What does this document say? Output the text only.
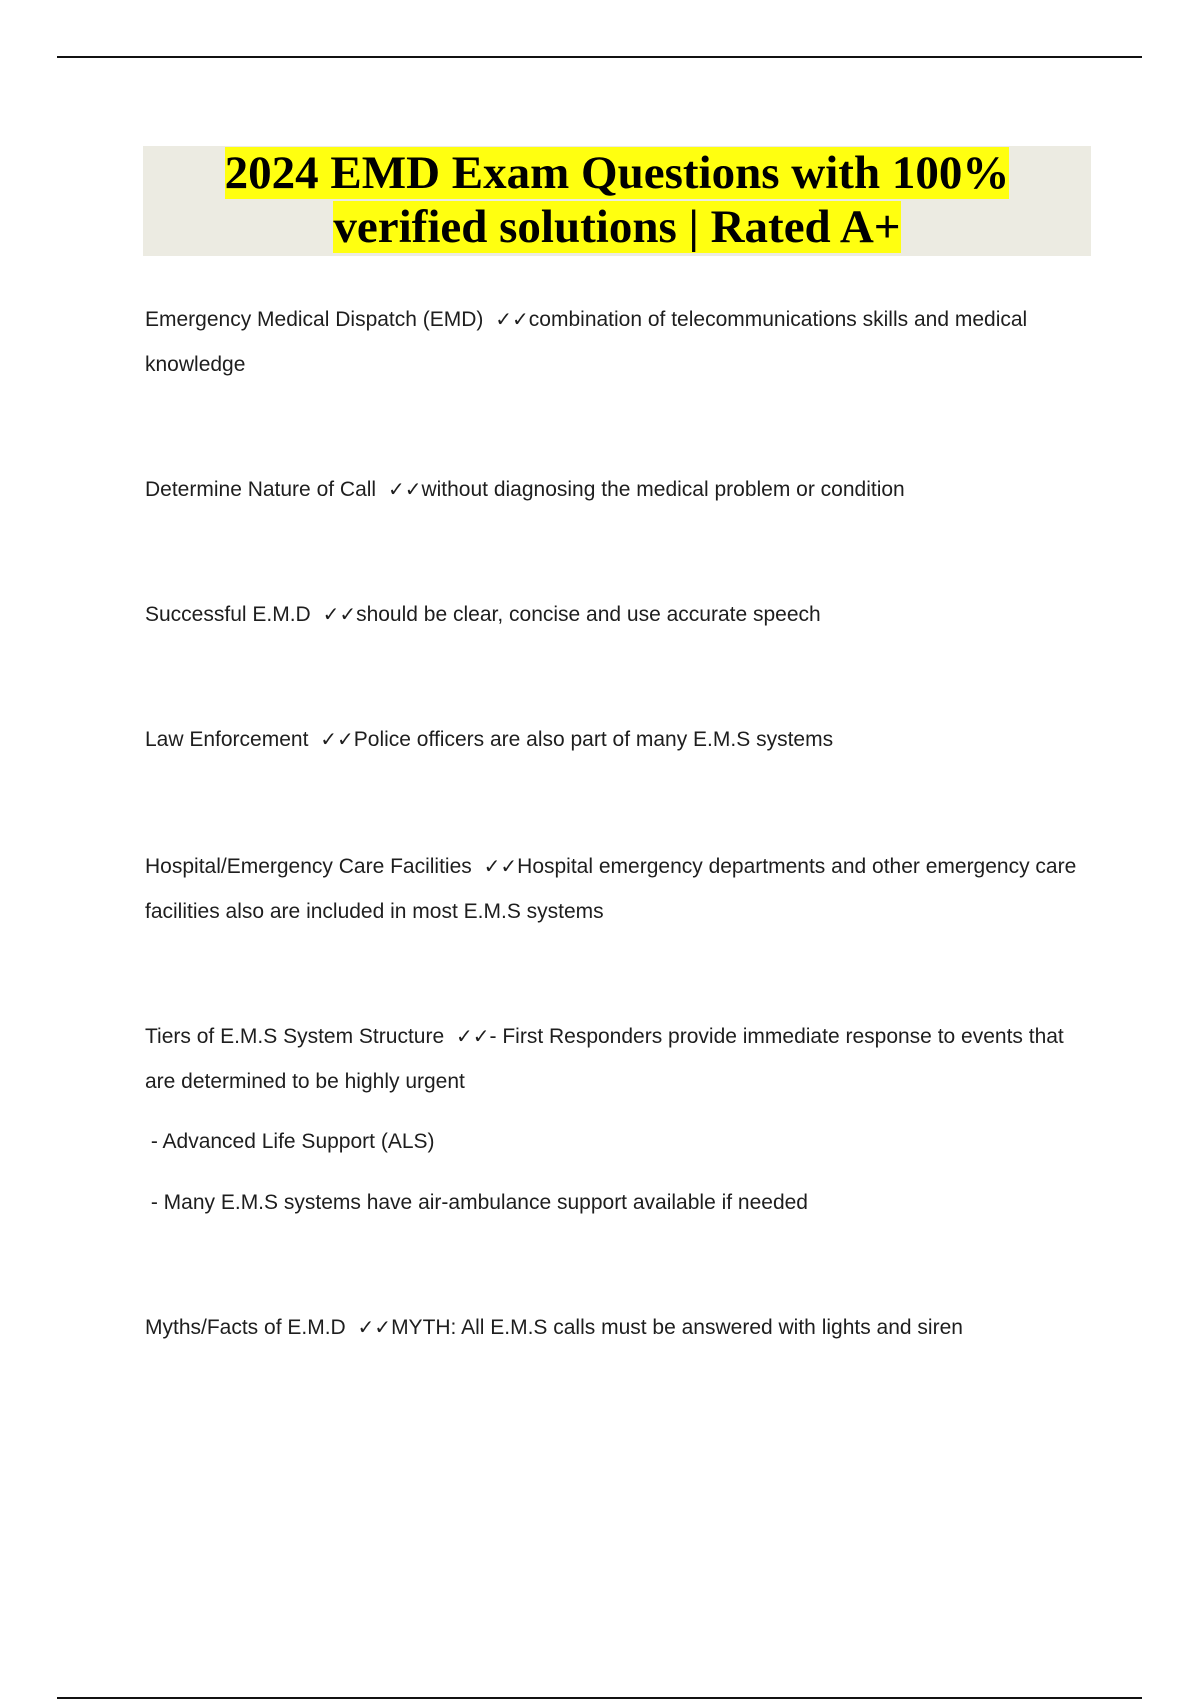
2024 EMD Exam Questions with 100% verified solutions | Rated A+

Emergency Medical Dispatch (EMD) ✓✓combination of telecommunications skills and medical knowledge

Determine Nature of Call ✓✓without diagnosing the medical problem or condition

Successful E.M.D ✓✓should be clear, concise and use accurate speech

Law Enforcement ✓✓Police officers are also part of many E.M.S systems

Hospital/Emergency Care Facilities ✓✓Hospital emergency departments and other emergency care facilities also are included in most E.M.S systems

Tiers of E.M.S System Structure ✓✓- First Responders provide immediate response to events that are determined to be highly urgent

- Advanced Life Support (ALS)

- Many E.M.S systems have air-ambulance support available if needed

Myths/Facts of E.M.D ✓✓MYTH: All E.M.S calls must be answered with lights and siren
